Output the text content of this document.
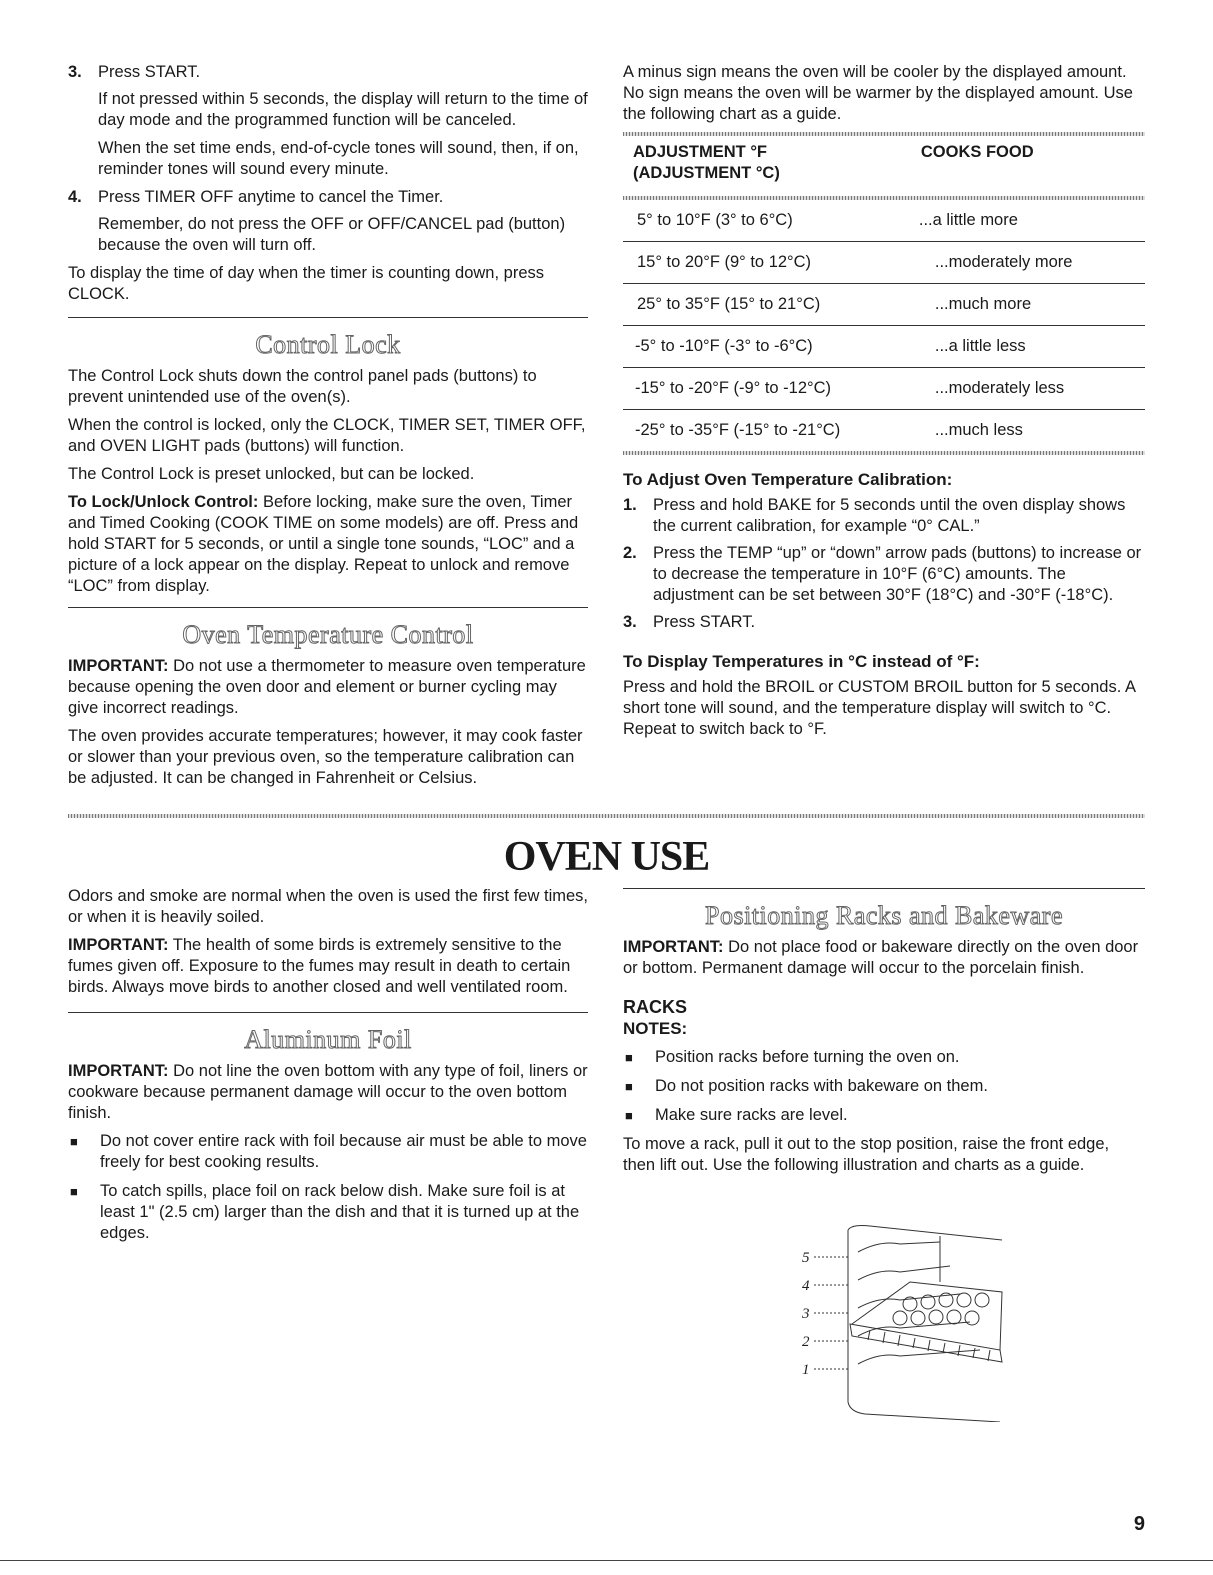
3. Press START.

If not pressed within 5 seconds, the display will return to the time of day mode and the programmed function will be canceled.

When the set time ends, end-of-cycle tones will sound, then, if on, reminder tones will sound every minute.

4. Press TIMER OFF anytime to cancel the Timer.

Remember, do not press the OFF or OFF/CANCEL pad (button) because the oven will turn off.

To display the time of day when the timer is counting down, press CLOCK.

Control Lock

The Control Lock shuts down the control panel pads (buttons) to prevent unintended use of the oven(s).

When the control is locked, only the CLOCK, TIMER SET, TIMER OFF, and OVEN LIGHT pads (buttons) will function.

The Control Lock is preset unlocked, but can be locked.

To Lock/Unlock Control: Before locking, make sure the oven, Timer and Timed Cooking (COOK TIME on some models) are off. Press and hold START for 5 seconds, or until a single tone sounds, “LOC” and a picture of a lock appear on the display. Repeat to unlock and remove “LOC” from display.

Oven Temperature Control

IMPORTANT: Do not use a thermometer to measure oven temperature because opening the oven door and element or burner cycling may give incorrect readings.

The oven provides accurate temperatures; however, it may cook faster or slower than your previous oven, so the temperature calibration can be adjusted. It can be changed in Fahrenheit or Celsius.

A minus sign means the oven will be cooler by the displayed amount. No sign means the oven will be warmer by the displayed amount. Use the following chart as a guide.

ADJUSTMENT °F
(ADJUSTMENT °C)	COOKS FOOD

5° to 10°F (3° to 6°C)	...a little more
15° to 20°F (9° to 12°C)	...moderately more
25° to 35°F (15° to 21°C)	...much more
-5° to -10°F (-3° to -6°C)	...a little less
-15° to -20°F (-9° to -12°C)	...moderately less
-25° to -35°F (-15° to -21°C)	...much less
To Adjust Oven Temperature Calibration:
1. Press and hold BAKE for 5 seconds until the oven display shows the current calibration, for example “0° CAL.”
2. Press the TEMP “up” or “down” arrow pads (buttons) to increase or to decrease the temperature in 10°F (6°C) amounts. The adjustment can be set between 30°F (18°C) and -30°F (-18°C).
3. Press START.
To Display Temperatures in °C instead of °F:

Press and hold the BROIL or CUSTOM BROIL button for 5 seconds. A short tone will sound, and the temperature display will switch to °C. Repeat to switch back to °F.

OVEN USE

Odors and smoke are normal when the oven is used the first few times, or when it is heavily soiled.

IMPORTANT: The health of some birds is extremely sensitive to the fumes given off. Exposure to the fumes may result in death to certain birds. Always move birds to another closed and well ventilated room.

Aluminum Foil

IMPORTANT: Do not line the oven bottom with any type of foil, liners or cookware because permanent damage will occur to the oven bottom finish.

■	Do not cover entire rack with foil because air must be able to move freely for best cooking results.
■	To catch spills, place foil on rack below dish. Make sure foil is at least 1" (2.5 cm) larger than the dish and that it is turned up at the edges.
Positioning Racks and Bakeware

IMPORTANT: Do not place food or bakeware directly on the oven door or bottom. Permanent damage will occur to the porcelain finish.

RACKS
NOTES:
■	Position racks before turning the oven on.
■	Do not position racks with bakeware on them.
■	Make sure racks are level.

To move a rack, pull it out to the stop position, raise the front edge, then lift out. Use the following illustration and charts as a guide.

5
4
3
2
1
9
